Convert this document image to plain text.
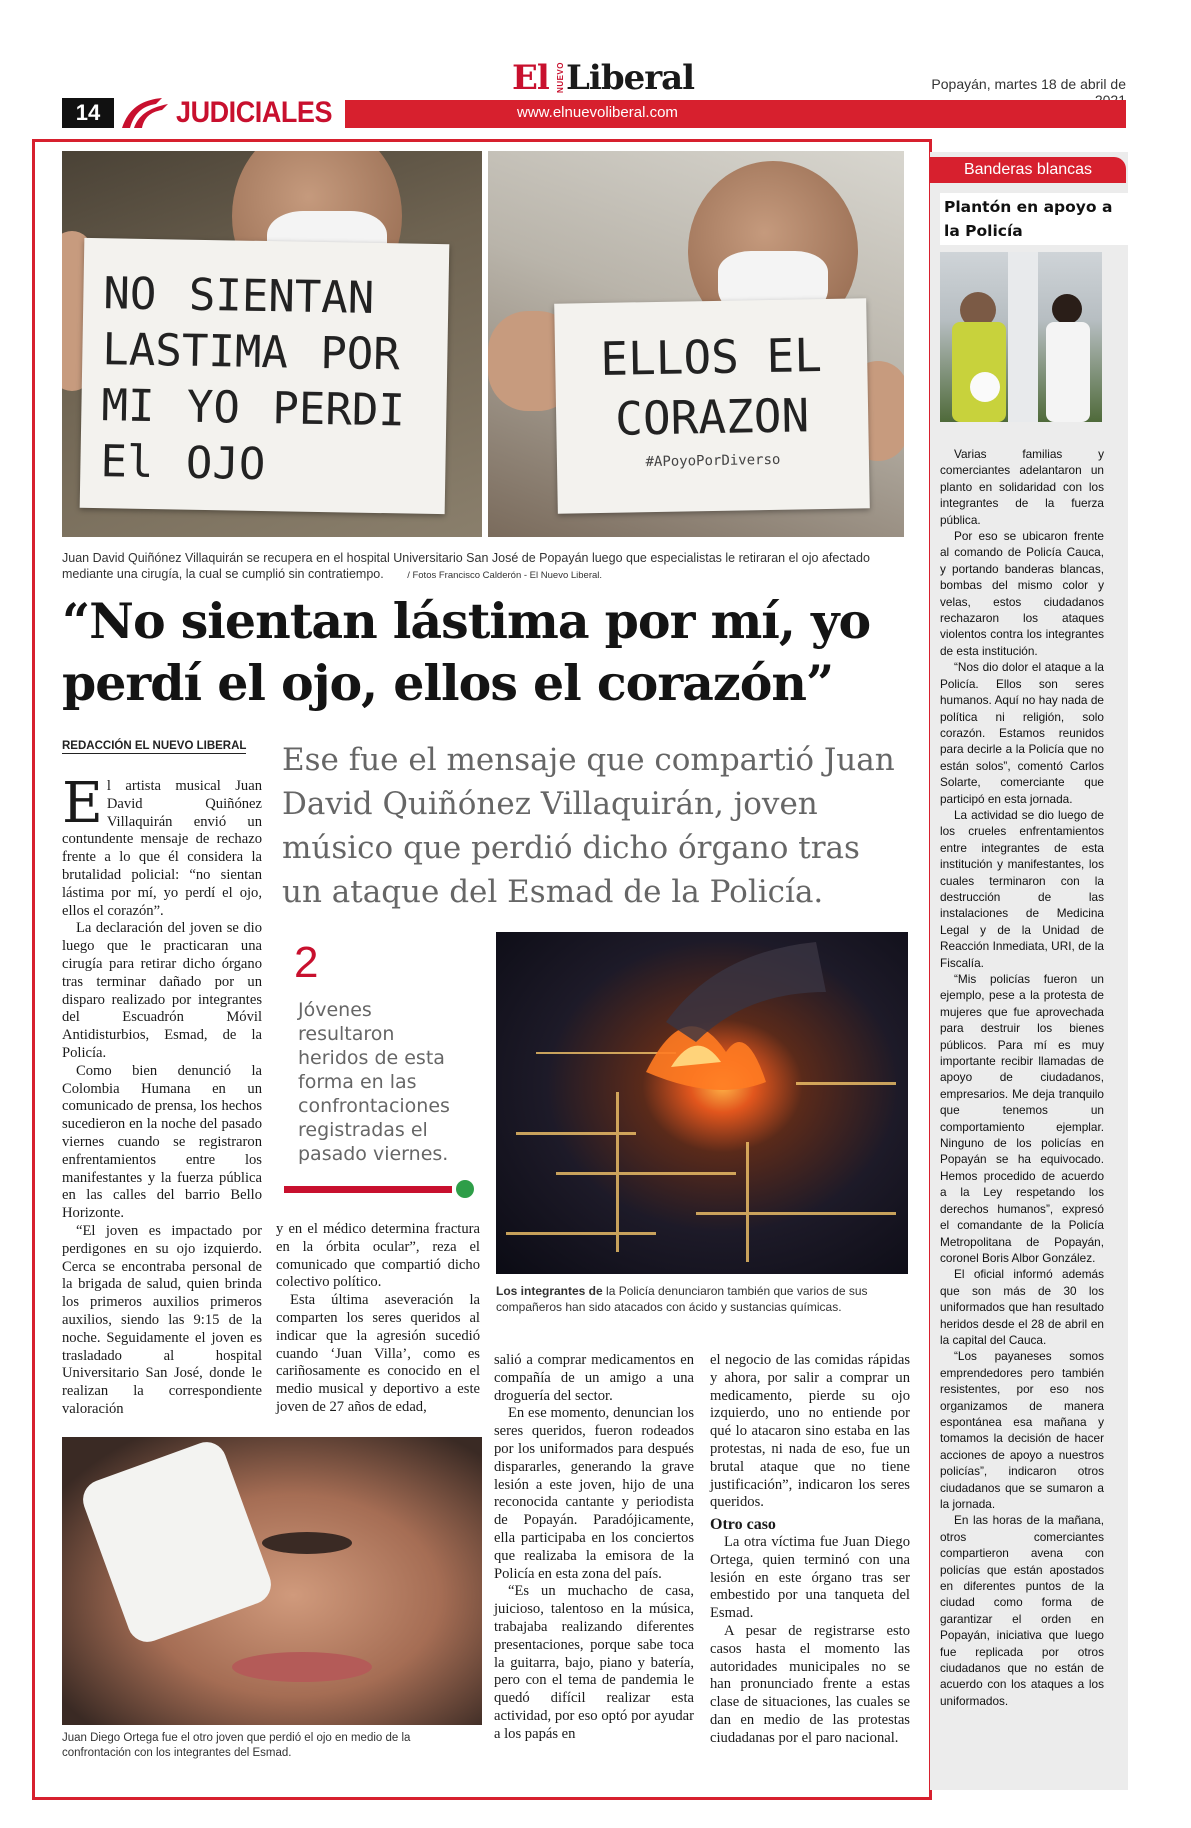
El NUEVO Liberal	Popayán, martes 18 de abril de
www.elnuevoliberal.com
14	JUDICIALES
NO SIENTAN LASTIMA POR MI YO PERDI El OJO
ELLOS EL CORAZON
#APoyoPorDiverso
Juan David Quiñónez Villaquirán se recupera en el hospital Universitario San José de Popayán luego que especialistas le retiraran el ojo afectado mediante una cirugía, la cual se cumplió sin contratiempo. / Fotos Francisco Calderón - El Nuevo Liberal.
“No sientan lástima por mí, yo perdí el ojo, ellos el corazón”
REDACCIÓN EL NUEVO LIBERAL Ese fue el mensaje que compartió Juan David Quiñónez Villaquirán, joven músico que perdió dicho órgano tras un ataque del Esmad de la Policía.

El artista musical Juan David Quiñónez Villaquirán envió un contundente mensaje de rechazo frente a lo que él considera la brutalidad policial: “no sientan lástima por mí, yo perdí el ojo, ellos el corazón”.

La declaración del joven se dio luego que le practicaran una cirugía para retirar dicho órgano tras terminar dañado por un disparo realizado por integrantes del Escuadrón Móvil Antidisturbios, Esmad, de la Policía.

Como bien denunció la Colombia Humana en un comunicado de prensa, los hechos sucedieron en la noche del pasado viernes cuando se registraron enfrentamientos entre los manifestantes y la fuerza pública en las calles del barrio Bello Horizonte.

“El joven es impactado por perdigones en su ojo izquierdo. Cerca se encontraba personal de la brigada de salud, quien brinda los primeros auxilios primeros auxilios, siendo las 9:15 de la noche. Seguidamente el joven es trasladado al hospital Universitario San José, donde le realizan la correspondiente valoración

2
Jóvenes resultaron heridos de esta forma en las confrontaciones registradas el pasado viernes.
Los integrantes de la Policía denunciaron también que varios de sus compañeros han sido atacados con ácido y sustancias químicas.

y en el médico determina fractura en la órbita ocular”, reza el comunicado que compartió dicho colectivo político.

Esta última aseveración la comparten los seres queridos al indicar que la agresión sucedió cuando ‘Juan Villa’, como es cariñosamente es conocido en el medio musical y deportivo a este joven de 27 años de edad,

Juan Diego Ortega fue el otro joven que perdió el ojo en medio de la confrontación con los integrantes del Esmad.

salió a comprar medicamentos en compañía de un amigo a una droguería del sector.

En ese momento, denuncian los seres queridos, fueron rodeados por los uniformados para después dispararles, generando la grave lesión a este joven, hijo de una reconocida cantante y periodista de Popayán. Paradójicamente, ella participaba en los conciertos que realizaba la emisora de la Policía en esta zona del país.

“Es un muchacho de casa, juicioso, talentoso en la música, trabajaba realizando diferentes presentaciones, porque sabe toca la guitarra, bajo, piano y batería, pero con el tema de pandemia le quedó difícil realizar esta actividad, por eso optó por ayudar a los papás en

el negocio de las comidas rápidas y ahora, por salir a comprar un medicamento, pierde su ojo izquierdo, uno no entiende por qué lo atacaron sino estaba en las protestas, ni nada de eso, fue un brutal ataque que no tiene justificación”, indicaron los seres queridos.

Otro caso

La otra víctima fue Juan Diego Ortega, quien terminó con una lesión en este órgano tras ser embestido por una tanqueta del Esmad.

A pesar de registrarse esto casos hasta el momento las autoridades municipales no se han pronunciado frente a estas clase de situaciones, las cuales se dan en medio de las protestas ciudadanas por el paro nacional.

Banderas blancas
Plantón en apoyo a la Policía

Varias familias y comerciantes adelantaron un planto en solidaridad con los integrantes de la fuerza pública.

Por eso se ubicaron frente al comando de Policía Cauca, y portando banderas blancas, bombas del mismo color y velas, estos ciudadanos rechazaron los ataques violentos contra los integrantes de esta institución.

“Nos dio dolor el ataque a la Policía. Ellos son seres humanos. Aquí no hay nada de política ni religión, solo corazón. Estamos reunidos para decirle a la Policía que no están solos”, comentó Carlos Solarte, comerciante que participó en esta jornada.

La actividad se dio luego de los crueles enfrentamientos entre integrantes de esta institución y manifestantes, los cuales terminaron con la destrucción de las instalaciones de Medicina Legal y de la Unidad de Reacción Inmediata, URI, de la Fiscalía.

“Mis policías fueron un ejemplo, pese a la protesta de mujeres que fue aprovechada para destruir los bienes públicos. Para mí es muy importante recibir llamadas de apoyo de ciudadanos, empresarios. Me deja tranquilo que tenemos un comportamiento ejemplar. Ninguno de los policías en Popayán se ha equivocado. Hemos procedido de acuerdo a la Ley respetando los derechos humanos”, expresó el comandante de la Policía Metropolitana de Popayán, coronel Boris Albor González.

El oficial informó además que son más de 30 los uniformados que han resultado heridos desde el 28 de abril en la capital del Cauca.

“Los payaneses somos emprendedores pero también resistentes, por eso nos organizamos de manera espontánea esa mañana y tomamos la decisión de hacer acciones de apoyo a nuestros policías”, indicaron otros ciudadanos que se sumaron a la jornada.

En las horas de la mañana, otros comerciantes compartieron avena con policías que están apostados en diferentes puntos de la ciudad como forma de garantizar el orden en Popayán, iniciativa que luego fue replicada por otros ciudadanos que no están de acuerdo con los ataques a los uniformados.
